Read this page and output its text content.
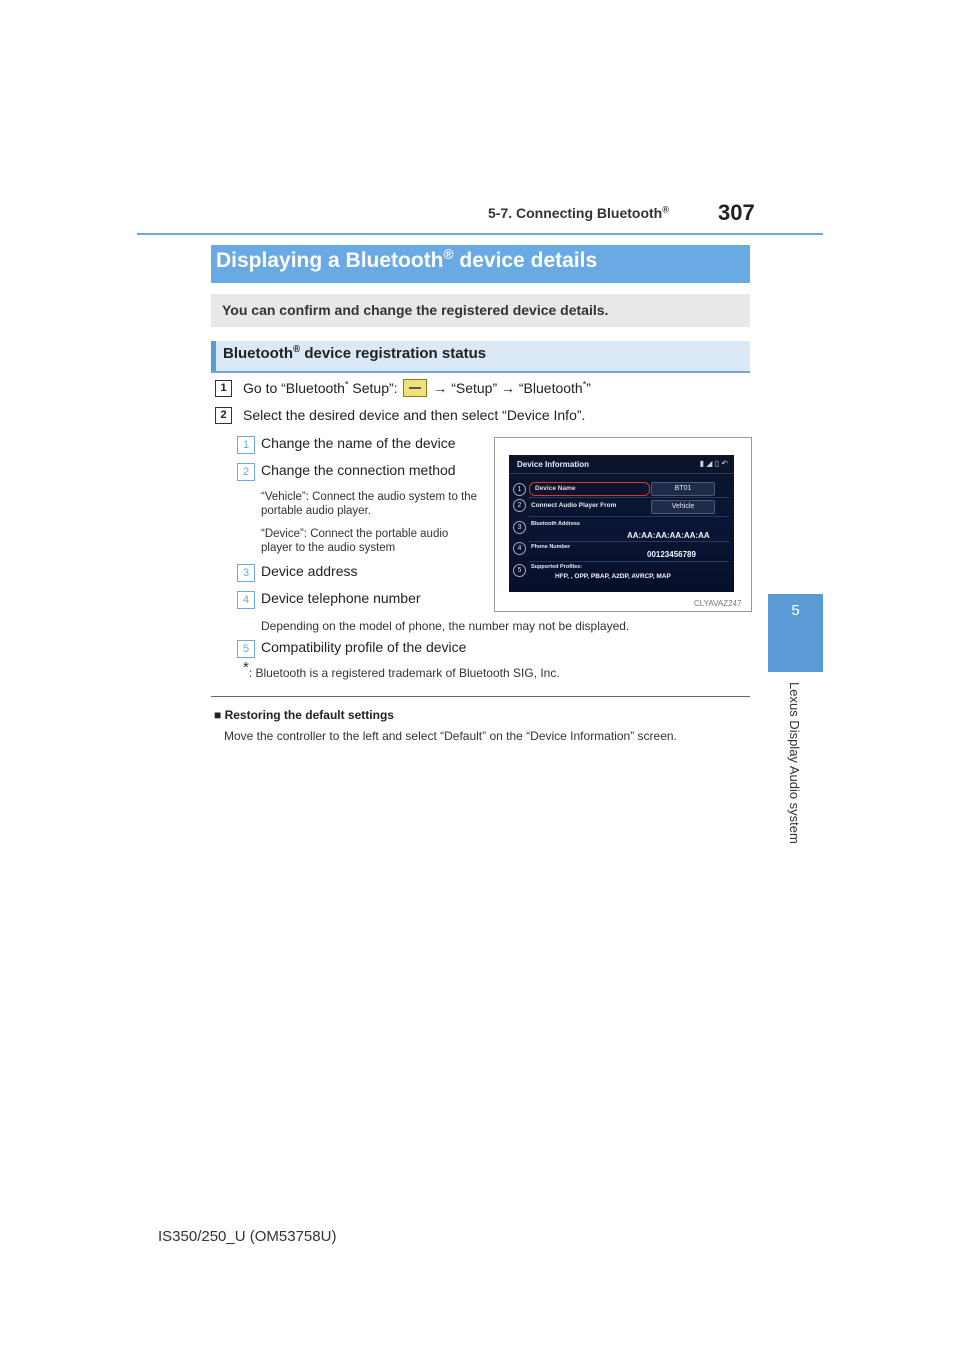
5-7. Connecting Bluetooth® 307
5
Lexus Display Audio system
Displaying a Bluetooth® device details
You can confirm and change the registered device details.
Bluetooth® device registration status
1	Go to “Bluetooth* Setup”:  → “Setup” → “Bluetooth*”
2	Select the desired device and then select “Device Info”.
1 Change the name of the device
2 Change the connection method
“Vehicle”: Connect the audio system to the portable audio player.
“Device”: Connect the portable audio player to the audio system
3 Device address
4 Device telephone number
Depending on the model of phone, the number may not be displayed.
5 Compatibility profile of the device
*: Bluetooth is a registered trademark of Bluetooth SIG, Inc.
Device Information	▮ ◢ ▯ ↶
1	Device Name	BT01
2	Connect Audio Player From	Vehicle
3	Bluetooth Address
AA:AA:AA:AA:AA:AA
4	Phone Number
00123456789
5	Supported Profiles:
HFP, , OPP, PBAP, A2DP, AVRCP, MAP
CLYAVAZ247
■ Restoring the default settings
Move the controller to the left and select “Default” on the “Device Information” screen.
IS350/250_U (OM53758U)
